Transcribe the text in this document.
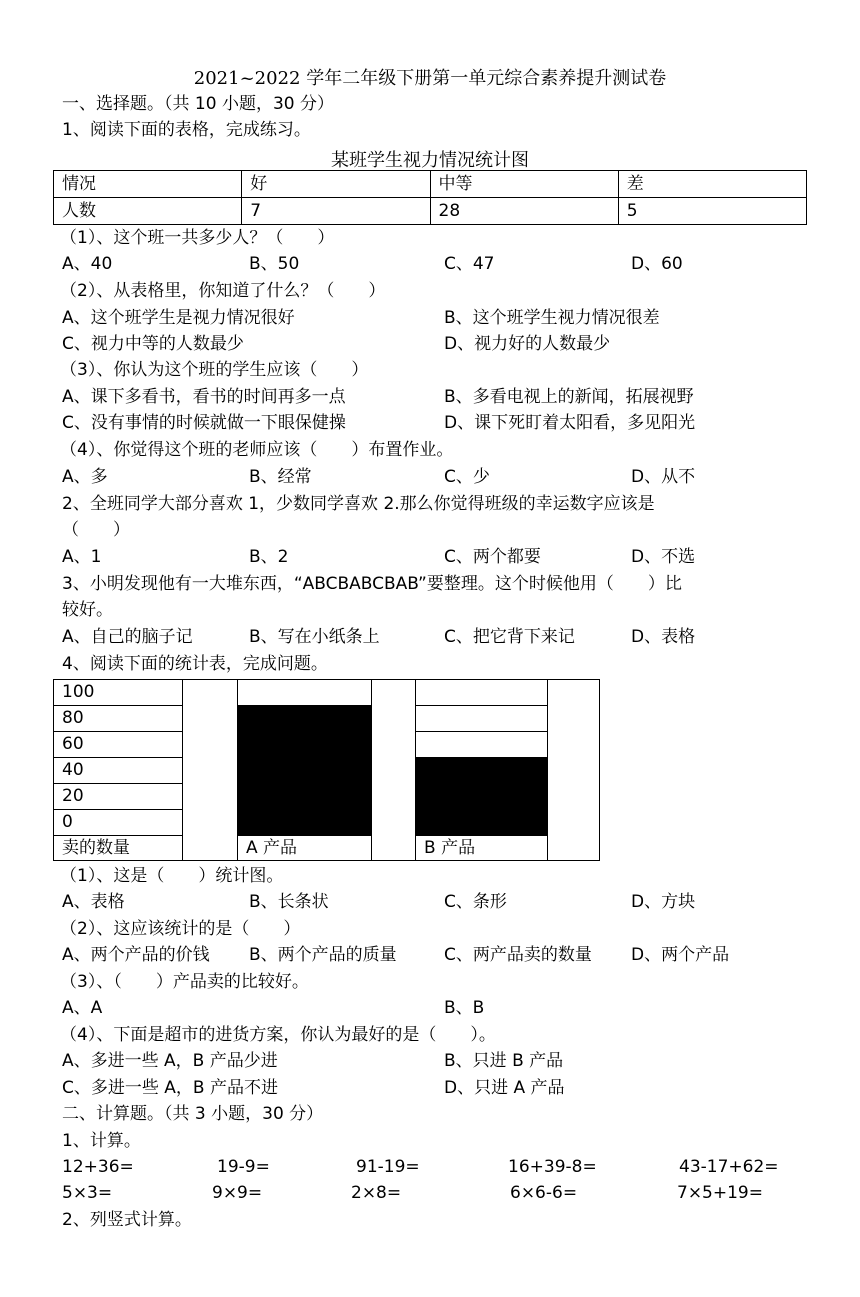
2021~2022 学年二年级下册第一单元综合素养提升测试卷
一、选择题。（共 10 小题，30 分）
1、阅读下面的表格，完成练习。
某班学生视力情况统计图
情况	好	中等	差
人数	7	28	5
（1）、这个班一共多少人？（　　）
A、40	B、50	C、47	D、60
（2）、从表格里，你知道了什么？（　　）
A、这个班学生是视力情况很好	B、这个班学生视力情况很差
C、视力中等的人数最少	D、视力好的人数最少
（3）、你认为这个班的学生应该（　　）
A、课下多看书，看书的时间再多一点	B、多看电视上的新闻，拓展视野
C、没有事情的时候就做一下眼保健操	D、课下死盯着太阳看，多见阳光
（4）、你觉得这个班的老师应该（　　）布置作业。
A、多	B、经常	C、少	D、从不
2、全班同学大部分喜欢 1，少数同学喜欢 2.那么你觉得班级的幸运数字应该是
（　　）
A、1	B、2	C、两个都要	D、不选
3、小明发现他有一大堆东西，“ABCBABCBAB”要整理。这个时候他用（　　）比
较好。
A、自己的脑子记	B、写在小纸条上	C、把它背下来记	D、表格
4、阅读下面的统计表，完成问题。
100
80
60
40
20
0
卖的数量	A 产品	B 产品
（1）、这是（　　）统计图。
A、表格	B、长条状	C、条形	D、方块
（2）、这应该统计的是（　　）
A、两个产品的价钱 B、两个产品的质量	C、两产品卖的数量 D、两个产品
（3）、（　　）产品卖的比较好。
A、A	B、B
（4）、下面是超市的进货方案，你认为最好的是（　　）。
A、多进一些 A，B 产品少进	B、只进 B 产品
C、多进一些 A，B 产品不进	D、只进 A 产品
二、计算题。（共 3 小题，30 分）
1、计算。
12+36=	19-9=	91-19=	16+39-8=	43-17+62=
5×3=	9×9=	2×8=	6×6-6=	7×5+19=
2、列竖式计算。
